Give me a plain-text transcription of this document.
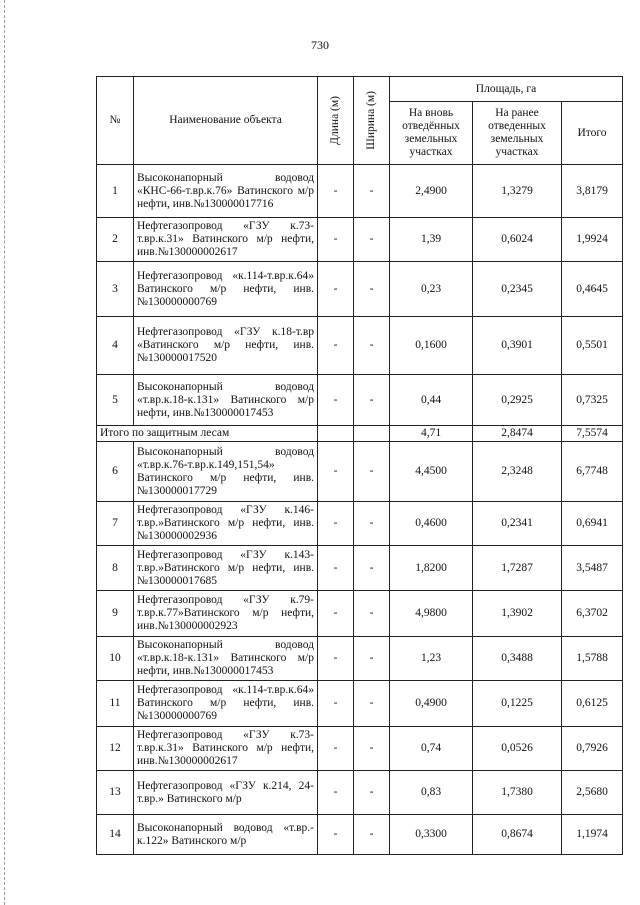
730
№	Наименование объекта	Длина (м)	Ширина (м)	Площадь, га		
				На вновь отведённых земельных участках	На ранее отведенных земельных участках	Итого
1	Высоконапорный водовод «КНС-66-т.вр.к.76» Ватинского м/р нефти, инв.№130000017716	-	-	2,4900	1,3279	3,8179
2	Нефтегазопровод «ГЗУ к.73-т.вр.к.31» Ватинского м/р нефти, инв.№130000002617	-	-	1,39	0,6024	1,9924
3	Нефтегазопровод «к.114-т.вр.к.64» Ватинского м/р нефти, инв.№130000000769	-	-	0,23	0,2345	0,4645
4	Нефтегазопровод «ГЗУ к.18-т.вр «Ватинского м/р нефти, инв.№130000017520	-	-	0,1600	0,3901	0,5501
5	Высоконапорный водовод «т.вр.к.18-к.131» Ватинского м/р нефти, инв.№130000017453	-	-	0,44	0,2925	0,7325
Итого по защитным лесам				4,71	2,8474	7,5574
6	Высоконапорный водовод «т.вр.к.76-т.вр.к.149,151,54» Ватинского м/р нефти, инв.№130000017729	-	-	4,4500	2,3248	6,7748
7	Нефтегазопровод «ГЗУ к.146-т.вр.»Ватинского м/р нефти, инв.№130000002936	-	-	0,4600	0,2341	0,6941
8	Нефтегазопровод «ГЗУ к.143-т.вр.»Ватинского м/р нефти, инв.№130000017685	-	-	1,8200	1,7287	3,5487
9	Нефтегазопровод «ГЗУ к.79-т.вр.к.77»Ватинского м/р нефти, инв.№130000002923	-	-	4,9800	1,3902	6,3702
10	Высоконапорный водовод «т.вр.к.18-к.131» Ватинского м/р нефти, инв.№130000017453	-	-	1,23	0,3488	1,5788
11	Нефтегазопровод «к.114-т.вр.к.64» Ватинского м/р нефти, инв.№130000000769	-	-	0,4900	0,1225	0,6125
12	Нефтегазопровод «ГЗУ к.73-т.вр.к.31» Ватинского м/р нефти, инв.№130000002617	-	-	0,74	0,0526	0,7926
13	Нефтегазопровод «ГЗУ к.214, 24-т.вр.» Ватинского м/р	-	-	0,83	1,7380	2,5680
14	Высоконапорный водовод «т.вр.-к.122» Ватинского м/р	-	-	0,3300	0,8674	1,1974
